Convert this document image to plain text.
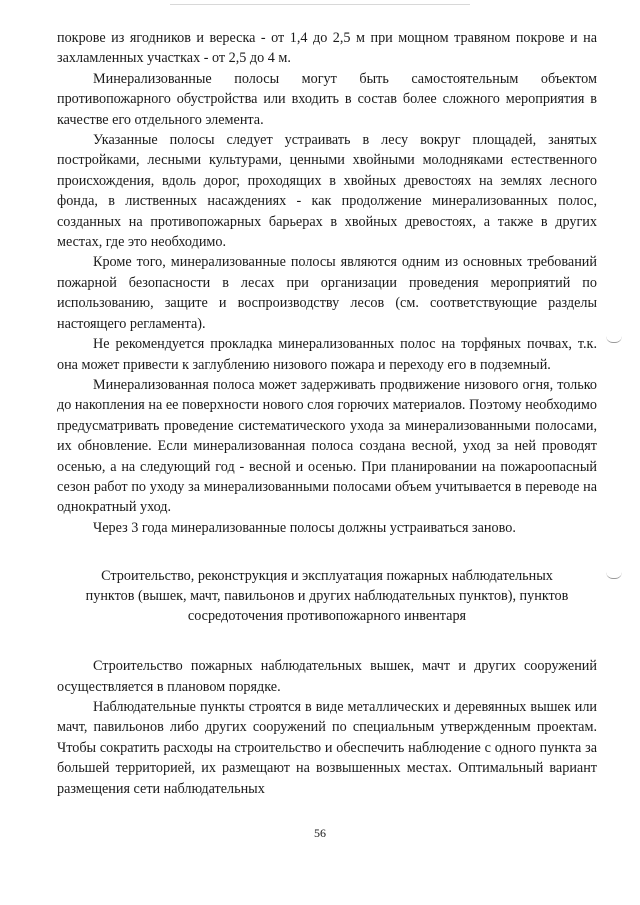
покрове из ягодников и вереска - от 1,4 до 2,5 м при мощном травяном покрове и на захламленных участках - от 2,5 до 4 м.

Минерализованные полосы могут быть самостоятельным объектом противопожарного обустройства или входить в состав более сложного мероприятия в качестве его отдельного элемента.

Указанные полосы следует устраивать в лесу вокруг площадей, занятых постройками, лесными культурами, ценными хвойными молодняками естественного происхождения, вдоль дорог, проходящих в хвойных древостоях на землях лесного фонда, в лиственных насаждениях - как продолжение минерализованных полос, созданных на противопожарных барьерах в хвойных древостоях, а также в других местах, где это необходимо.

Кроме того, минерализованные полосы являются одним из основных требований пожарной безопасности в лесах при организации проведения мероприятий по использованию, защите и воспроизводству лесов (см. соответствующие разделы настоящего регламента).

Не рекомендуется прокладка минерализованных полос на торфяных почвах, т.к. она может привести к заглублению низового пожара и переходу его в подземный.

Минерализованная полоса может задерживать продвижение низового огня, только до накопления на ее поверхности нового слоя горючих материалов. Поэтому необходимо предусматривать проведение систематического ухода за минерализованными полосами, их обновление. Если минерализованная полоса создана весной, уход за ней проводят осенью, а на следующий год - весной и осенью. При планировании на пожароопасный сезон работ по уходу за минерализованными полосами объем учитывается в переводе на однократный уход.

Через 3 года минерализованные полосы должны устраиваться заново.

Строительство, реконструкция и эксплуатация пожарных наблюдательных
пунктов (вышек, мачт, павильонов и других наблюдательных пунктов), пунктов
сосредоточения противопожарного инвентаря

Строительство пожарных наблюдательных вышек, мачт и других сооружений осуществляется в плановом порядке.

Наблюдательные пункты строятся в виде металлических и деревянных вышек или мачт, павильонов либо других сооружений по специальным утвержденным проектам. Чтобы сократить расходы на строительство и обеспечить наблюдение с одного пункта за большей территорией, их размещают на возвышенных местах. Оптимальный вариант размещения сети наблюдательных

56
